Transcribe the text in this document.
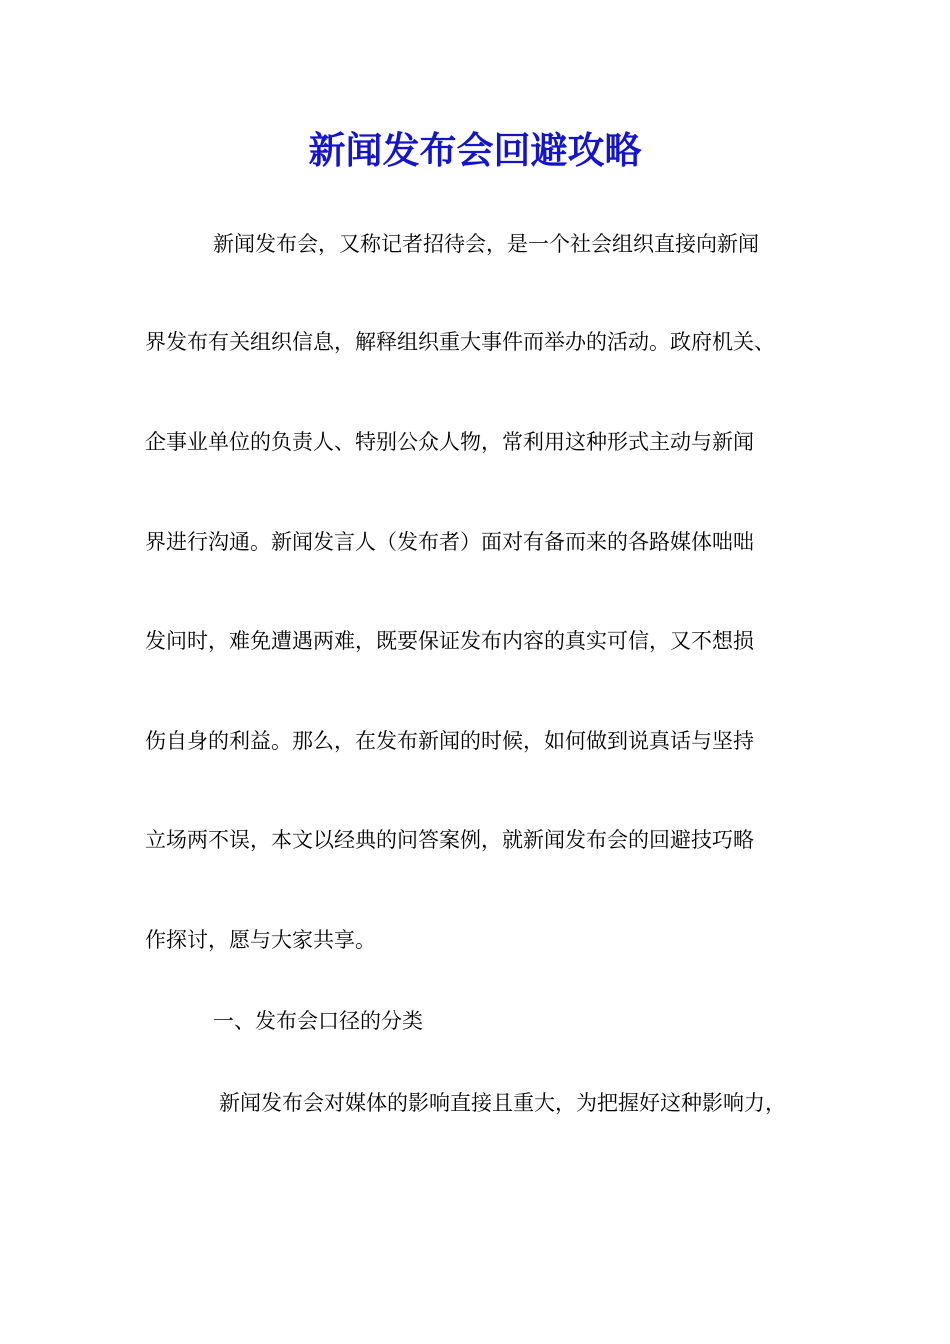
新闻发布会回避攻略

新闻发布会，又称记者招待会，是一个社会组织直接向新闻

界发布有关组织信息，解释组织重大事件而举办的活动。政府机关、

企事业单位的负责人、特别公众人物，常利用这种形式主动与新闻

界进行沟通。新闻发言人（发布者）面对有备而来的各路媒体咄咄

发问时，难免遭遇两难，既要保证发布内容的真实可信，又不想损

伤自身的利益。那么，在发布新闻的时候，如何做到说真话与坚持

立场两不误，本文以经典的问答案例，就新闻发布会的回避技巧略

作探讨，愿与大家共享。

一、发布会口径的分类

新闻发布会对媒体的影响直接且重大，为把握好这种影响力，
